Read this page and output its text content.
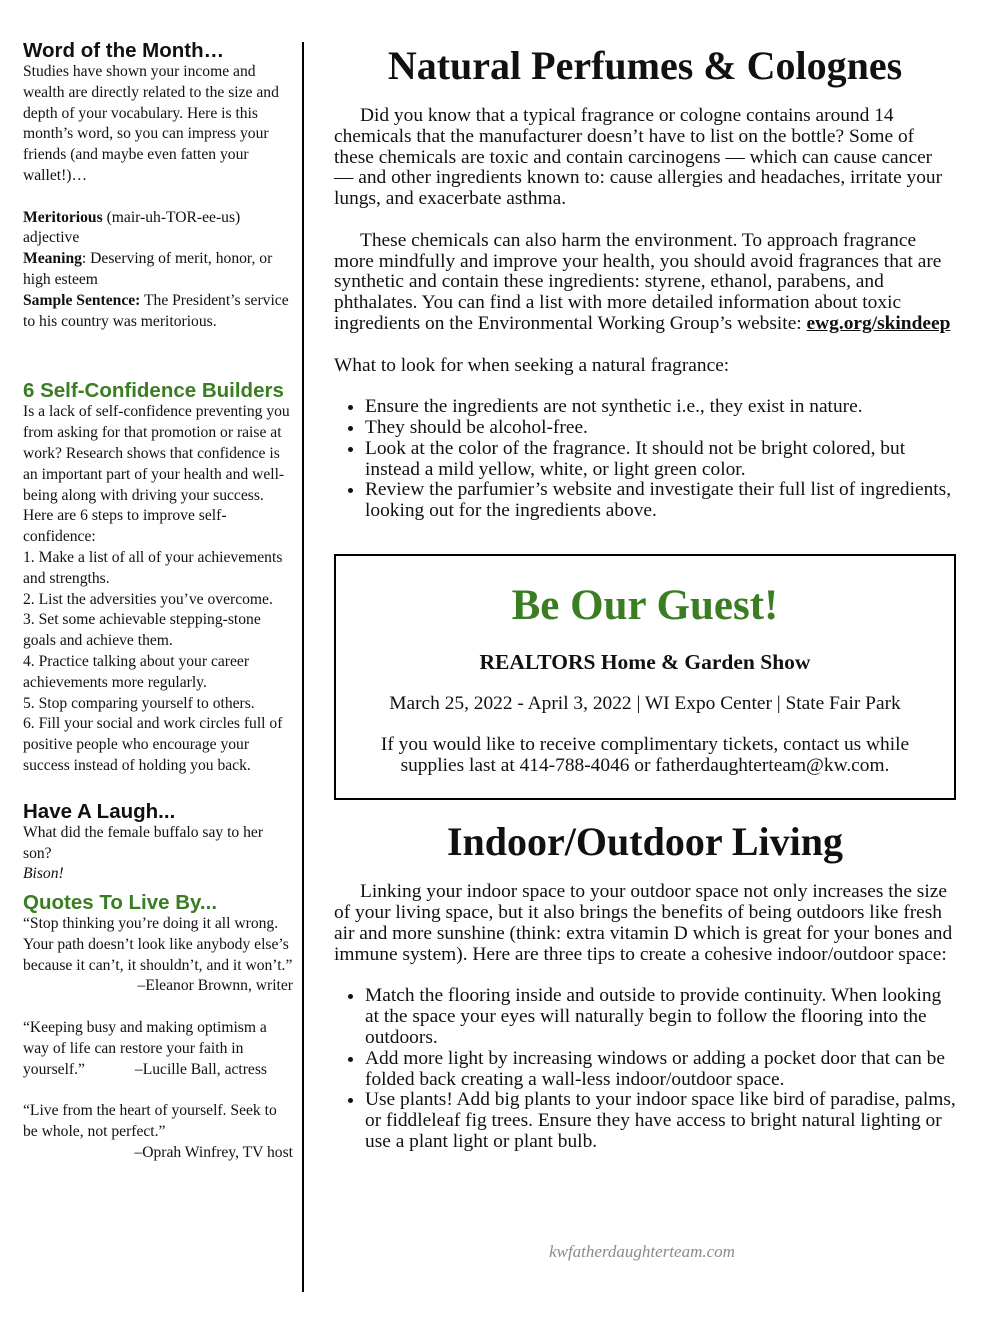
Word of the Month…

Studies have shown your income and wealth are directly related to the size and depth of your vocabulary. Here is this month’s word, so you can impress your friends (and maybe even fatten your wallet!)…

Meritorious (mair-uh-TOR-ee-us)

adjective

Meaning: Deserving of merit, honor, or high esteem

Sample Sentence: The President’s service to his country was meritorious.

6 Self-Confidence Builders

Is a lack of self-confidence preventing you from asking for that promotion or raise at work? Research shows that confidence is an important part of your health and well-being along with driving your success. Here are 6 steps to improve self-confidence:

1. Make a list of all of your achievements and strengths.
2. List the adversities you’ve overcome.
3. Set some achievable stepping-stone goals and achieve them.
4. Practice talking about your career achievements more regularly.
5. Stop comparing yourself to others.
6. Fill your social and work circles full of positive people who encourage your success instead of holding you back.
Have A Laugh...

What did the female buffalo say to her son?

Bison!

Quotes To Live By...

“Stop thinking you’re doing it all wrong. Your path doesn’t look like anybody else’s because it can’t, it shouldn’t, and it won’t.”

–Eleanor Brownn, writer

“Keeping busy and making optimism a way of life can restore your faith in yourself.”	–Lucille Ball, actress

“Live from the heart of yourself. Seek to be whole, not perfect.”

–Oprah Winfrey, TV host

Natural Perfumes & Colognes

Did you know that a typical fragrance or cologne contains around 14 chemicals that the manufacturer doesn’t have to list on the bottle? Some of these chemicals are toxic and contain carcinogens — which can cause cancer — and other ingredients known to: cause allergies and headaches, irritate your lungs, and exacerbate asthma.

These chemicals can also harm the environment. To approach fragrance more mindfully and improve your health, you should avoid fragrances that are synthetic and contain these ingredients: styrene, ethanol, parabens, and phthalates. You can find a list with more detailed information about toxic ingredients on the Environmental Working Group’s website: ewg.org/skindeep

What to look for when seeking a natural fragrance:

• Ensure the ingredients are not synthetic i.e., they exist in nature.
• They should be alcohol-free.
• Look at the color of the fragrance. It should not be bright colored, but instead a mild yellow, white, or light green color.
• Review the parfumier’s website and investigate their full list of ingredients, looking out for the ingredients above.
Be Our Guest!

REALTORS Home & Garden Show

March 25, 2022 - April 3, 2022 | WI Expo Center | State Fair Park

If you would like to receive complimentary tickets, contact us while supplies last at 414-788-4046 or fatherdaughterteam@kw.com.

Indoor/Outdoor Living

Linking your indoor space to your outdoor space not only increases the size of your living space, but it also brings the benefits of being outdoors like fresh air and more sunshine (think: extra vitamin D which is great for your bones and immune system). Here are three tips to create a cohesive indoor/outdoor space:

• Match the flooring inside and outside to provide continuity. When looking at the space your eyes will naturally begin to follow the flooring into the outdoors.
• Add more light by increasing windows or adding a pocket door that can be folded back creating a wall-less indoor/outdoor space.
• Use plants! Add big plants to your indoor space like bird of paradise, palms, or fiddleleaf fig trees. Ensure they have access to bright natural lighting or use a plant light or plant bulb.
kwfatherdaughterteam.com
